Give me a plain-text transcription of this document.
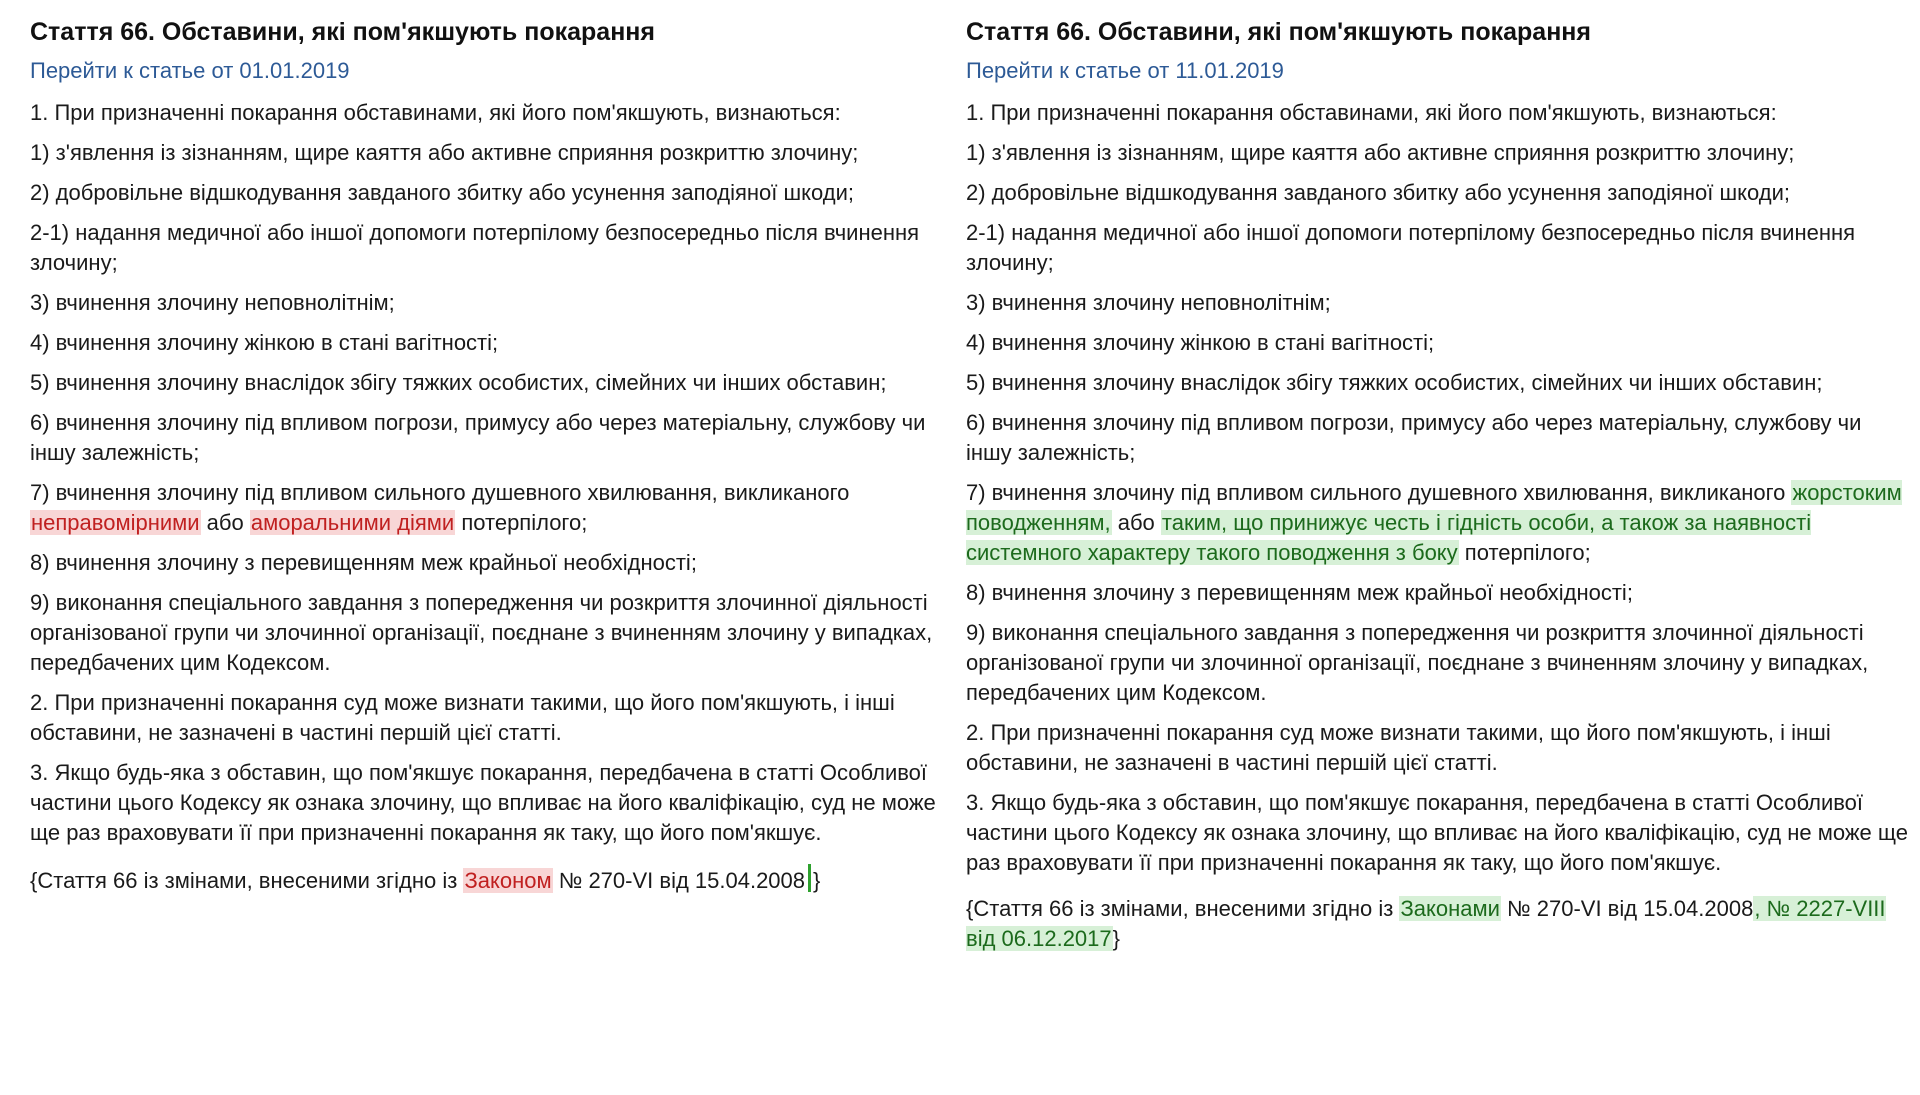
Стаття 66. Обставини, які пом'якшують покарання
Перейти к статье от 01.01.2019
1. При призначенні покарання обставинами, які його пом'якшують, визнаються:
1) з'явлення із зізнанням, щире каяття або активне сприяння розкриттю злочину;
2) добровільне відшкодування завданого збитку або усунення заподіяної шкоди;
2-1) надання медичної або іншої допомоги потерпілому безпосередньо після вчинення злочину;
3) вчинення злочину неповнолітнім;
4) вчинення злочину жінкою в стані вагітності;
5) вчинення злочину внаслідок збігу тяжких особистих, сімейних чи інших обставин;
6) вчинення злочину під впливом погрози, примусу або через матеріальну, службову чи іншу залежність;
7) вчинення злочину під впливом сильного душевного хвилювання, викликаного неправомірними або аморальними діями потерпілого;
8) вчинення злочину з перевищенням меж крайньої необхідності;
9) виконання спеціального завдання з попередження чи розкриття злочинної діяльності організованої групи чи злочинної організації, поєднане з вчиненням злочину у випадках, передбачених цим Кодексом.
2. При призначенні покарання суд може визнати такими, що його пом'якшують, і інші обставини, не зазначені в частині першій цієї статті.
3. Якщо будь-яка з обставин, що пом'якшує покарання, передбачена в статті Особливої частини цього Кодексу як ознака злочину, що впливає на його кваліфікацію, суд не може ще раз враховувати її при призначенні покарання як таку, що його пом'якшує.
{Стаття 66 із змінами, внесеними згідно із Законом № 270-VI від 15.04.2008 }
Стаття 66. Обставини, які пом'якшують покарання
Перейти к статье от 11.01.2019
1. При призначенні покарання обставинами, які його пом'якшують, визнаються:
1) з'явлення із зізнанням, щире каяття або активне сприяння розкриттю злочину;
2) добровільне відшкодування завданого збитку або усунення заподіяної шкоди;
2-1) надання медичної або іншої допомоги потерпілому безпосередньо після вчинення злочину;
3) вчинення злочину неповнолітнім;
4) вчинення злочину жінкою в стані вагітності;
5) вчинення злочину внаслідок збігу тяжких особистих, сімейних чи інших обставин;
6) вчинення злочину під впливом погрози, примусу або через матеріальну, службову чи іншу залежність;
7) вчинення злочину під впливом сильного душевного хвилювання, викликаного жорстоким поводженням, або таким, що принижує честь і гідність особи, а також за наявності системного характеру такого поводження з боку потерпілого;
8) вчинення злочину з перевищенням меж крайньої необхідності;
9) виконання спеціального завдання з попередження чи розкриття злочинної діяльності організованої групи чи злочинної організації, поєднане з вчиненням злочину у випадках, передбачених цим Кодексом.
2. При призначенні покарання суд може визнати такими, що його пом'якшують, і інші обставини, не зазначені в частині першій цієї статті.
3. Якщо будь-яка з обставин, що пом'якшує покарання, передбачена в статті Особливої частини цього Кодексу як ознака злочину, що впливає на його кваліфікацію, суд не може ще раз враховувати її при призначенні покарання як таку, що його пом'якшує.
{Стаття 66 із змінами, внесеними згідно із Законами № 270-VI від 15.04.2008, № 2227-VIII від 06.12.2017}
